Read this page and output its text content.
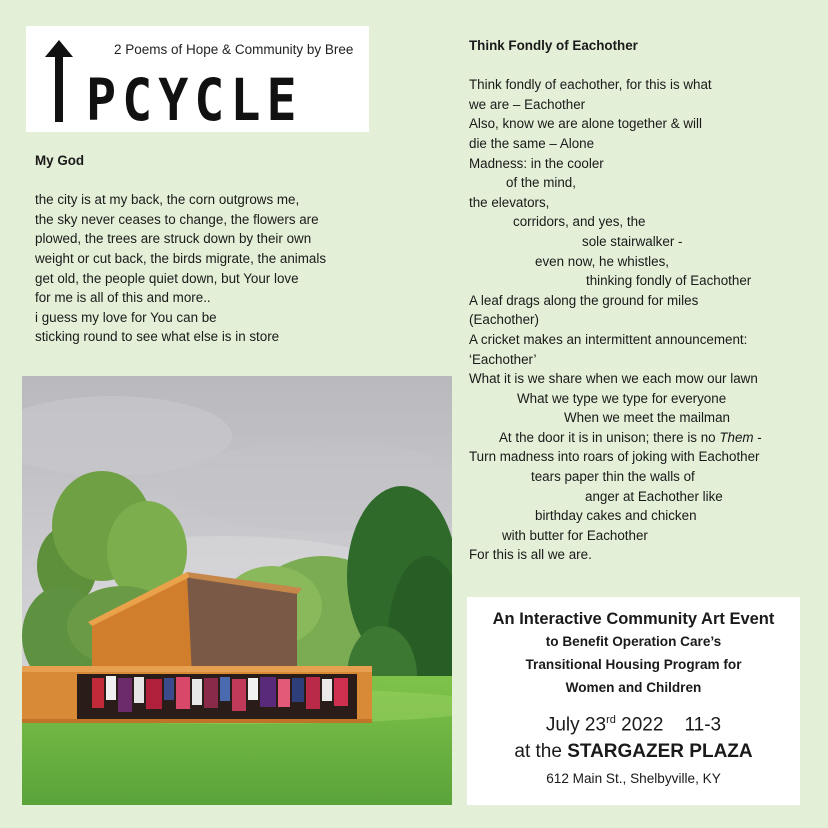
2 Poems of Hope & Community by Bree
PCYCLE
My God
the city is at my back, the corn outgrows me,
the sky never ceases to change, the flowers are
plowed, the trees are struck down by their own
weight or cut back, the birds migrate, the animals
get old, the people quiet down, but Your love
for me is all of this and more..
i guess my love for You can be
sticking round to see what else is in store
Think Fondly of Eachother
Think fondly of eachother, for this is what
we are – Eachother
Also, know we are alone together & will
die the same – Alone
Madness: in the cooler
of the mind,
the elevators,
corridors, and yes, the
sole stairwalker -
even now, he whistles,
thinking fondly of Eachother
A leaf drags along the ground for miles
(Eachother)
A cricket makes an intermittent announcement:
‘Eachother’
What it is we share when we each mow our lawn
What we type we type for everyone
When we meet the mailman
At the door it is in unison; there is no Them -
Turn madness into roars of joking with Eachother
tears paper thin the walls of
anger at Eachother like
birthday cakes and chicken
with butter for Eachother
For this is all we are.
An Interactive Community Art Event
to Benefit Operation Care’s
Transitional Housing Program for
Women and Children
July 23rd 2022    11-3
at the STARGAZER PLAZA
612 Main St., Shelbyville, KY
